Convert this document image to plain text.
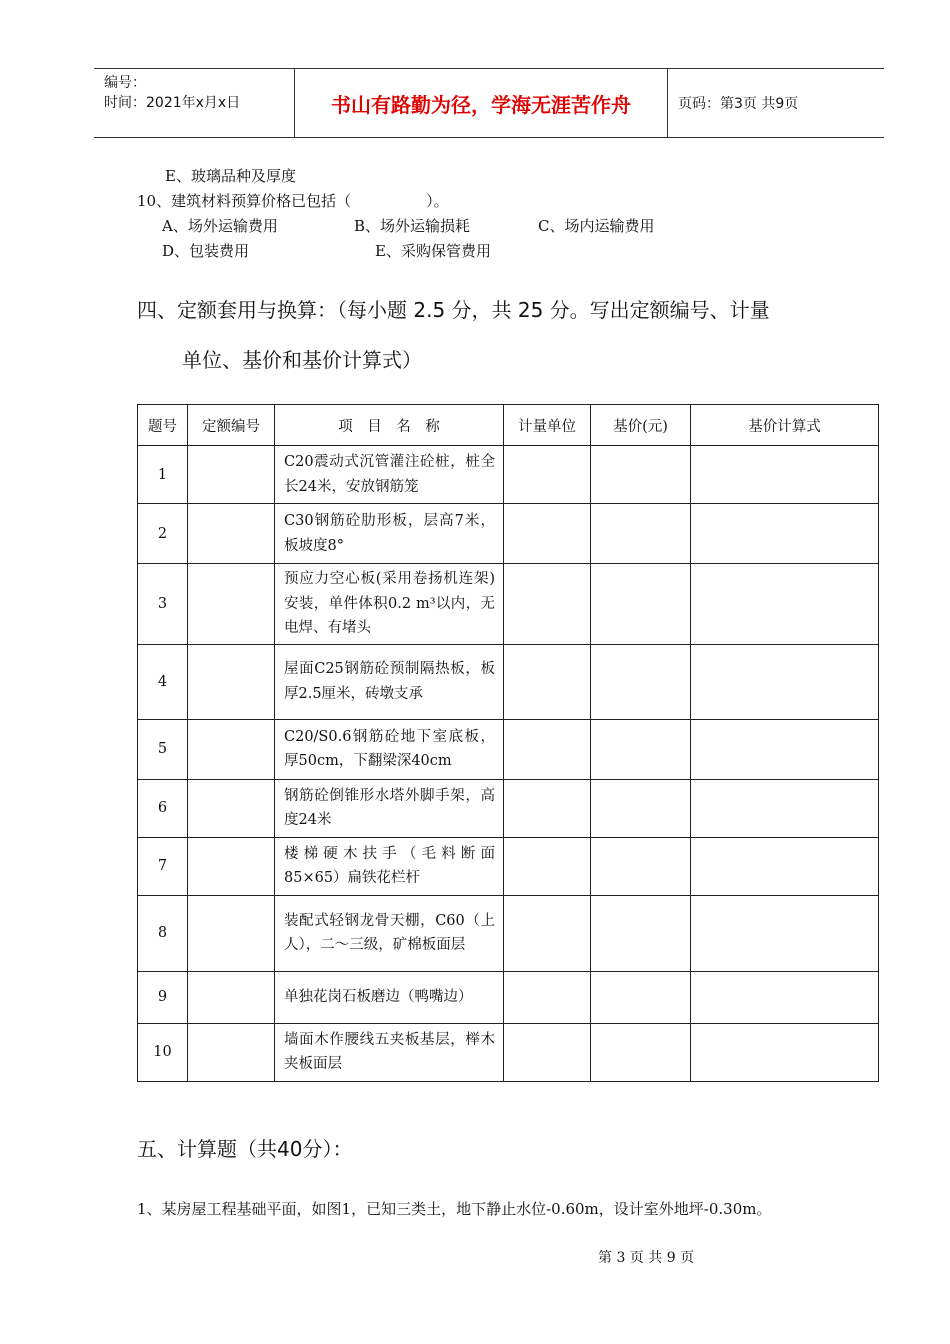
编号：
时间：2021年x月x日	书山有路勤为径，学海无涯苦作舟	页码：第3页 共9页
E、玻璃品种及厚度
10、建筑材料预算价格已包括（　　　　　）。
A、场外运输费用	B、场外运输损耗	C、场内运输费用
D、包装费用	E、采购保管费用
四、定额套用与换算：（每小题 2.5 分，共 25 分。写出定额编号、计量
单位、基价和基价计算式）
题号	定额编号	项　目　名　称	计量单位	基价(元)	基价计算式
1		C20震动式沉管灌注砼桩，桩全长24米，安放钢筋笼			
2		C30钢筋砼肋形板，层高7米，板坡度8°			
3		预应力空心板(采用卷扬机连架)安装，单件体积0.2 m³以内，无电焊、有堵头			
4		屋面C25钢筋砼预制隔热板，板厚2.5厘米，砖墩支承			
5		C20/S0.6钢筋砼地下室底板，厚50cm，下翻梁深40cm			
6		钢筋砼倒锥形水塔外脚手架，高度24米			
7		楼梯硬木扶手（毛料断面85×65）扁铁花栏杆			
8		装配式轻钢龙骨天棚，C60（上人），二～三级，矿棉板面层			
9		单独花岗石板磨边（鸭嘴边）			
10		墙面木作腰线五夹板基层，榉木夹板面层			
五、计算题（共40分）：
1、某房屋工程基础平面，如图1，已知三类土，地下静止水位-0.60m，设计室外地坪-0.30m。
第 3 页 共 9 页
